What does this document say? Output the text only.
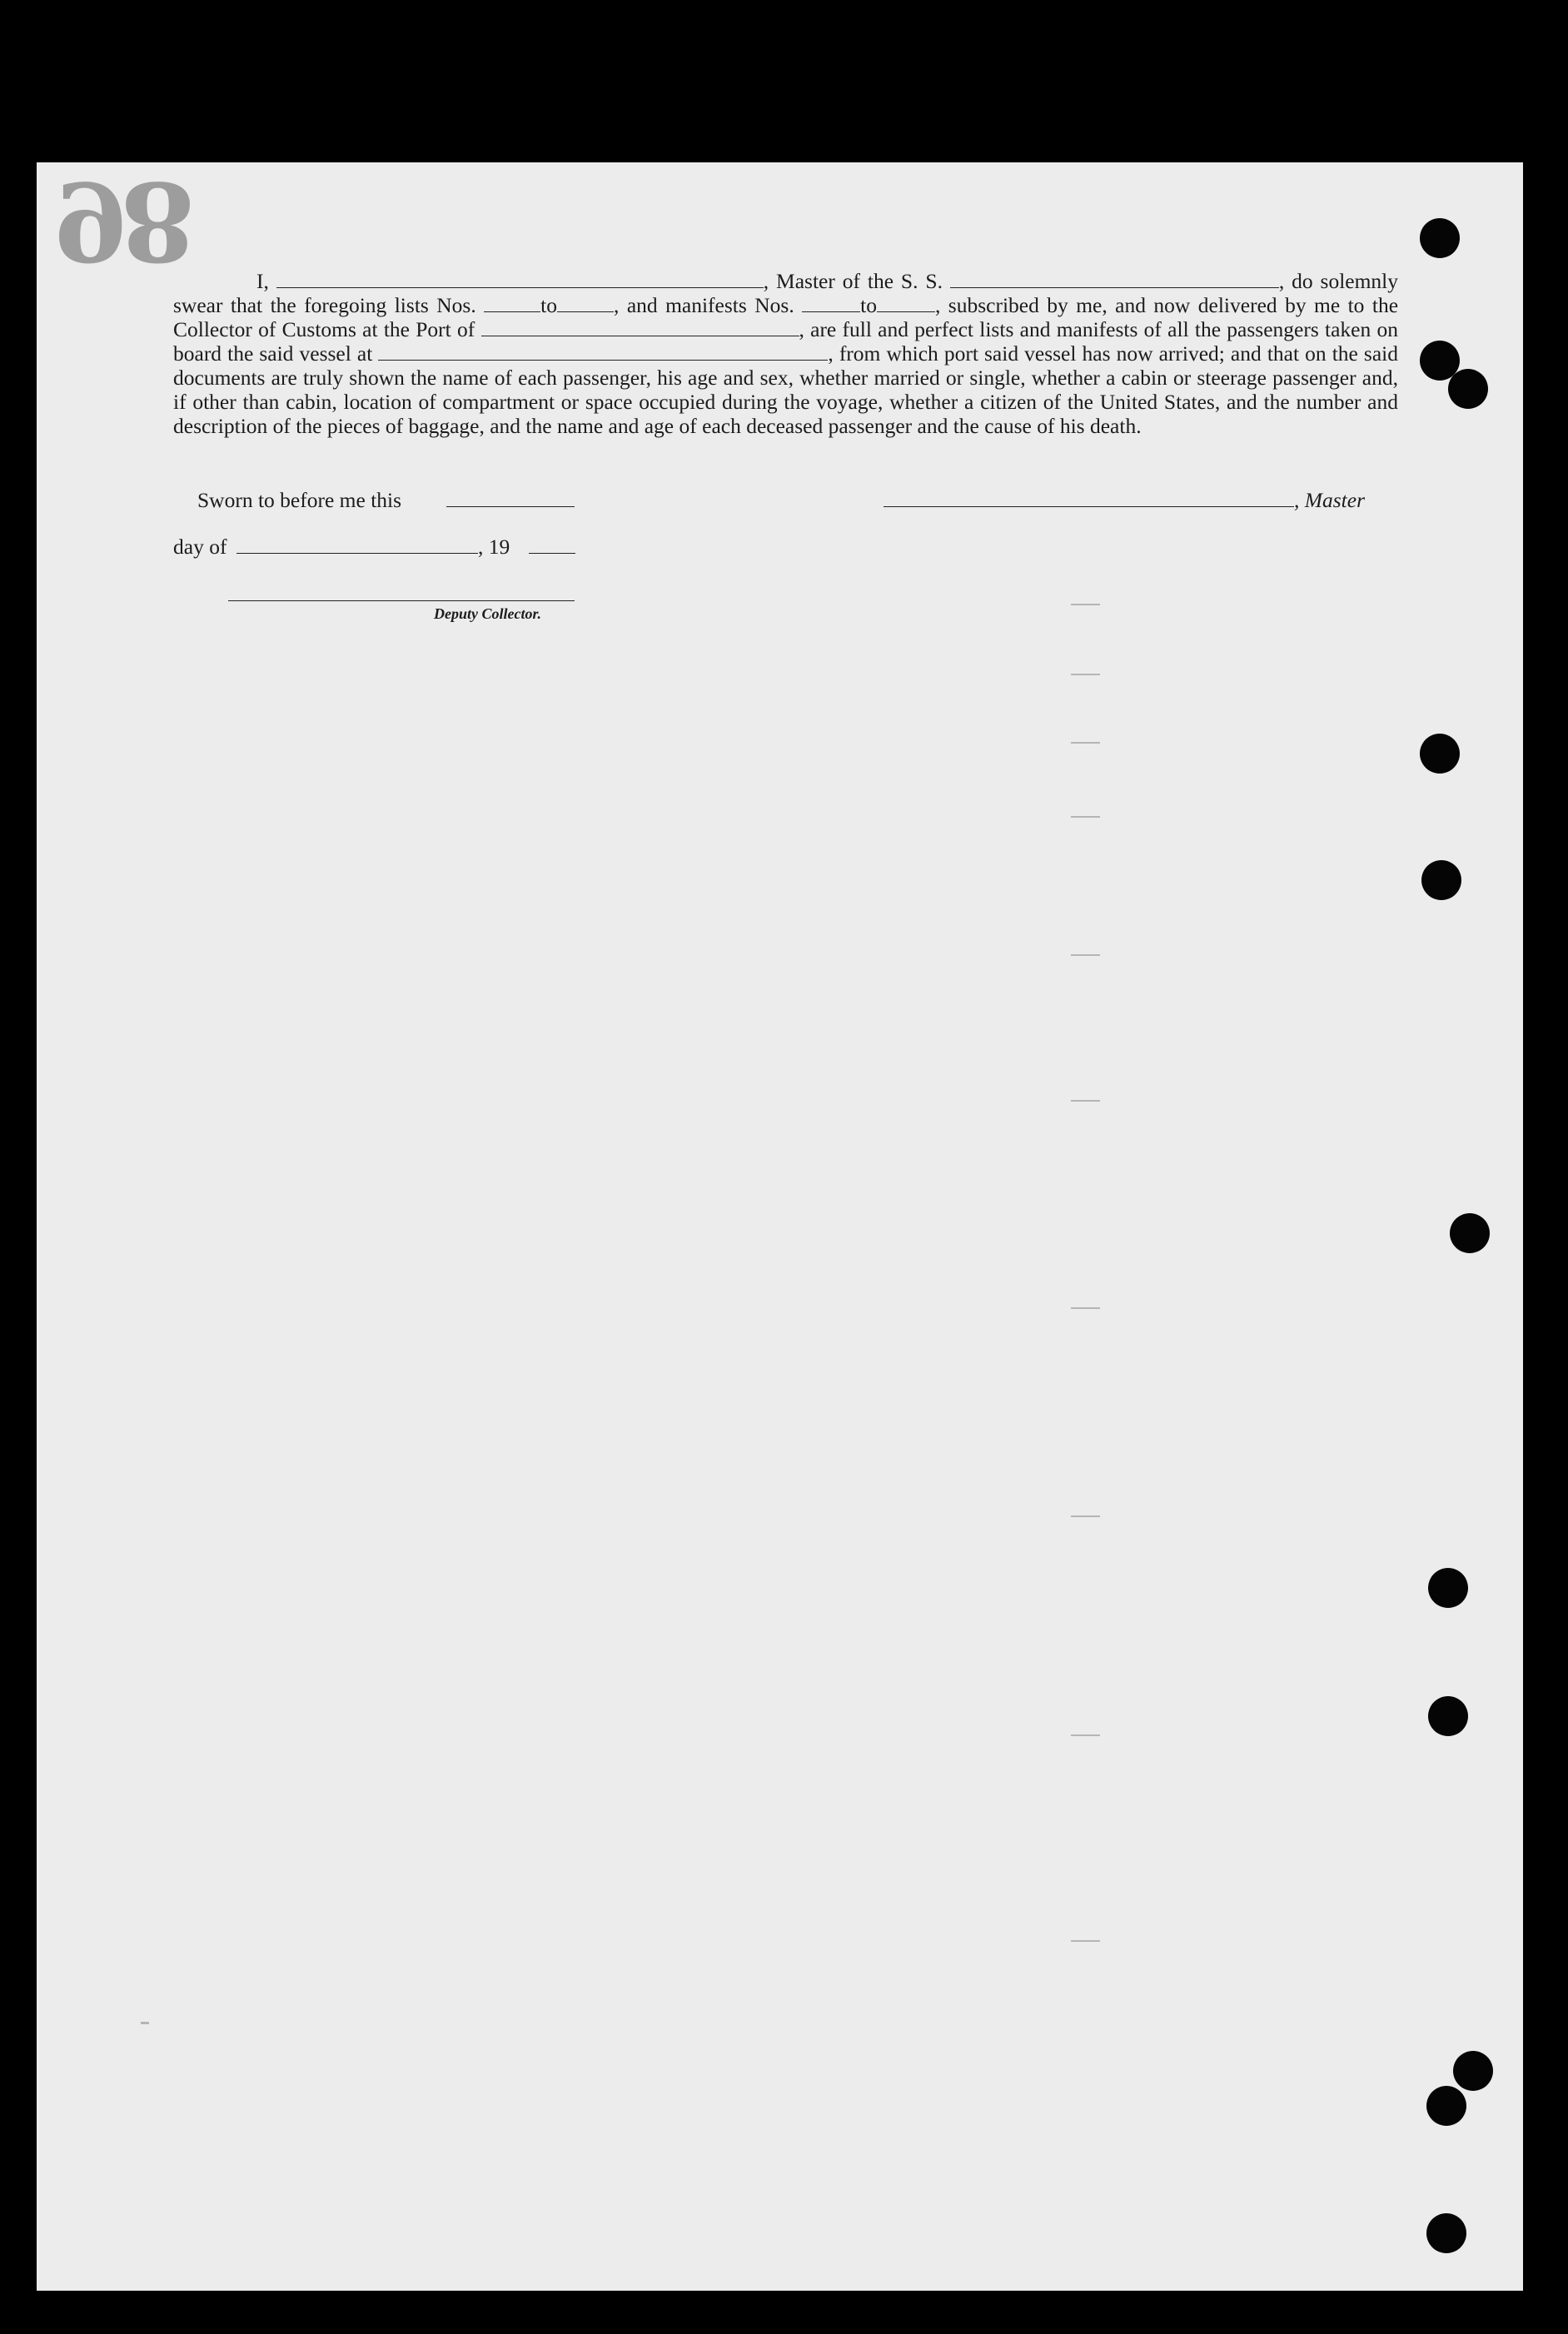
98	I,	, Master of the S. S.	, do solemnly swear that the foregoing lists Nos.	to	, and manifests Nos.	to	, subscribed by me, and now delivered by me to the Collector of Customs at the Port of	, are full and perfect lists and manifests of all the passengers taken on board the said vessel at	, from which port said vessel has now arrived; and that on the said documents are truly shown the name of each passenger, his age and sex, whether married or single, whether a cabin or steerage passenger and, if other than cabin, location of compartment or space occupied during the voyage, whether a citizen of the United States, and the number and description of the pieces of baggage, and the name and age of each deceased passenger and the cause of his death.
Sworn to before me this
day of	, 19
Deputy Collector.
, Master
